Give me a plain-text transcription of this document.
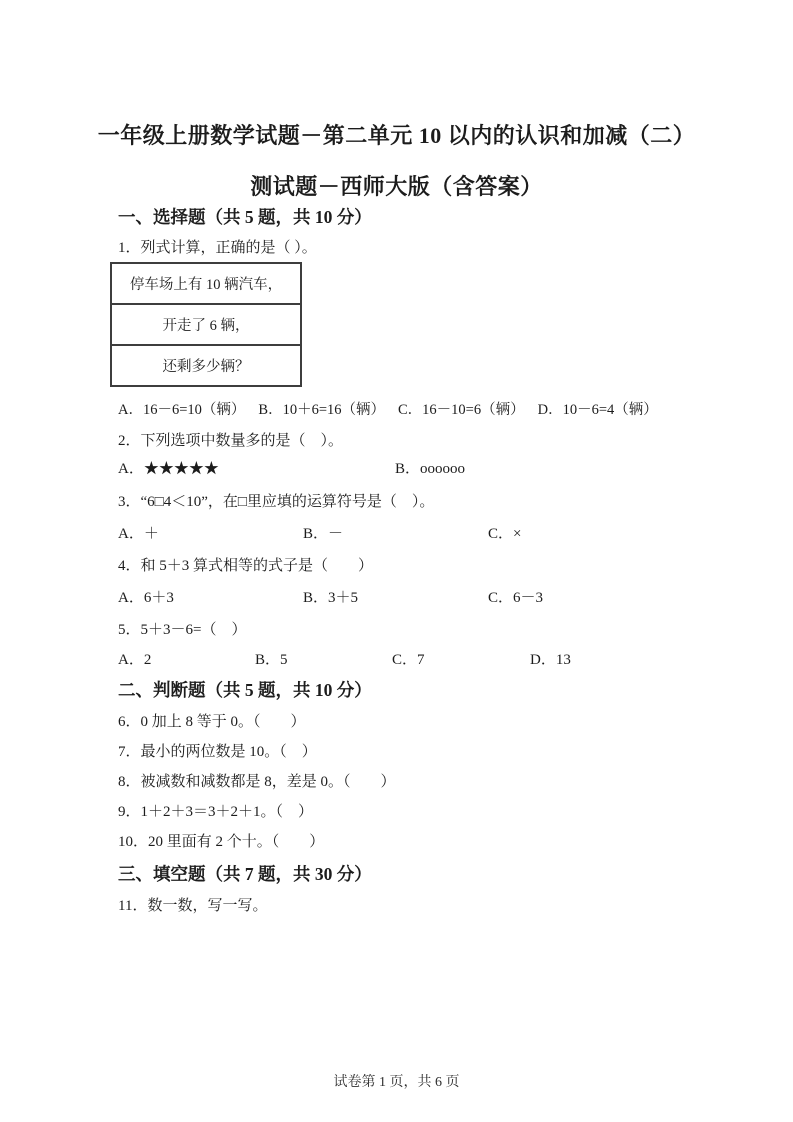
一年级上册数学试题－第二单元 10 以内的认识和加减（二）
测试题－西师大版（含答案）
一、选择题（共 5 题，共 10 分）
1．列式计算，正确的是（ ）。
停车场上有 10 辆汽车，
开走了 6 辆，
还剩多少辆？
A．16－6=10（辆） B．10＋6=16（辆） C．16－10=6（辆） D．10－6=4（辆）
2．下列选项中数量多的是（　）。
A．★★★★★	B．oooooo
3．“6□4＜10”，在□里应填的运算符号是（　）。
A．＋	B．－	C．×
4．和 5＋3 算式相等的式子是（　　）
A．6＋3	B．3＋5	C．6－3
5．5＋3－6=（　）
A．2	B．5	C．7	D．13
二、判断题（共 5 题，共 10 分）
6．0 加上 8 等于 0。（　　）
7．最小的两位数是 10。（　）
8．被减数和减数都是 8，差是 0。（　　）
9．1＋2＋3＝3＋2＋1。（　）
10．20 里面有 2 个十。（　　）
三、填空题（共 7 题，共 30 分）
11．数一数，写一写。
试卷第 1 页，共 6 页
